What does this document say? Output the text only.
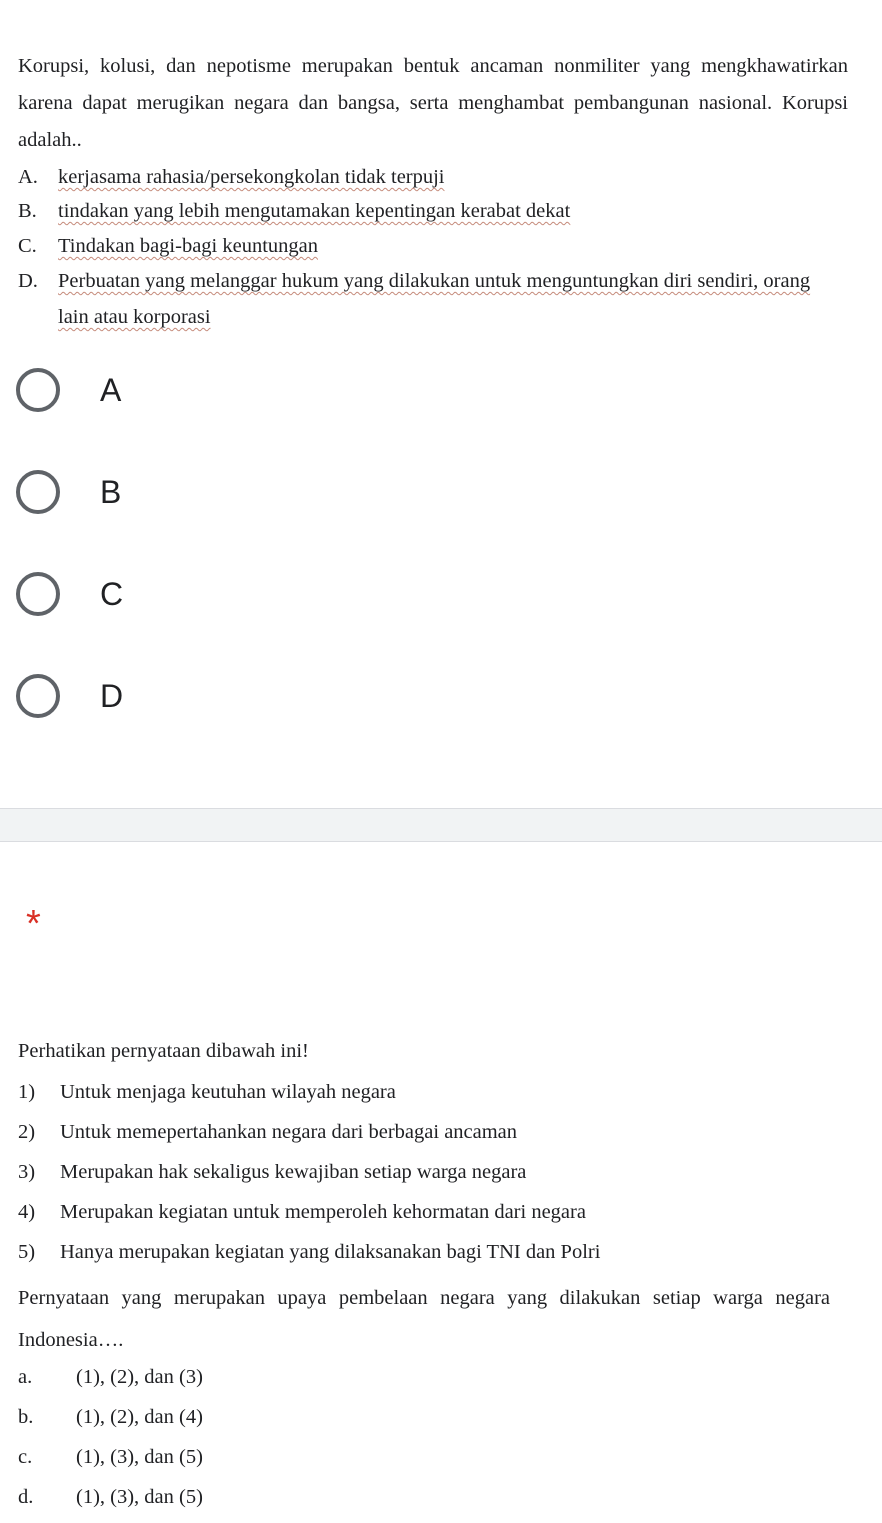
Korupsi, kolusi, dan nepotisme merupakan bentuk ancaman nonmiliter yang mengkhawatirkan karena dapat merugikan negara dan bangsa, serta menghambat pembangunan nasional. Korupsi adalah..

A. kerjasama rahasia/persekongkolan tidak terpuji
B. tindakan yang lebih mengutamakan kepentingan kerabat dekat
C. Tindakan bagi-bagi keuntungan
D. Perbuatan yang melanggar hukum yang dilakukan untuk menguntungkan diri sendiri, orang
lain atau korporasi
A
B
C
D
*
Perhatikan pernyataan dibawah ini!
1) Untuk menjaga keutuhan wilayah negara
2) Untuk memepertahankan negara dari berbagai ancaman
3) Merupakan hak sekaligus kewajiban setiap warga negara
4) Merupakan kegiatan untuk memperoleh kehormatan dari negara
5) Hanya merupakan kegiatan yang dilaksanakan bagi TNI dan Polri

Pernyataan yang merupakan upaya pembelaan negara yang dilakukan setiap warga negara Indonesia….

a. (1), (2), dan (3)
b. (1), (2), dan (4)
c. (1), (3), dan (5)
d. (1), (3), dan (5)
